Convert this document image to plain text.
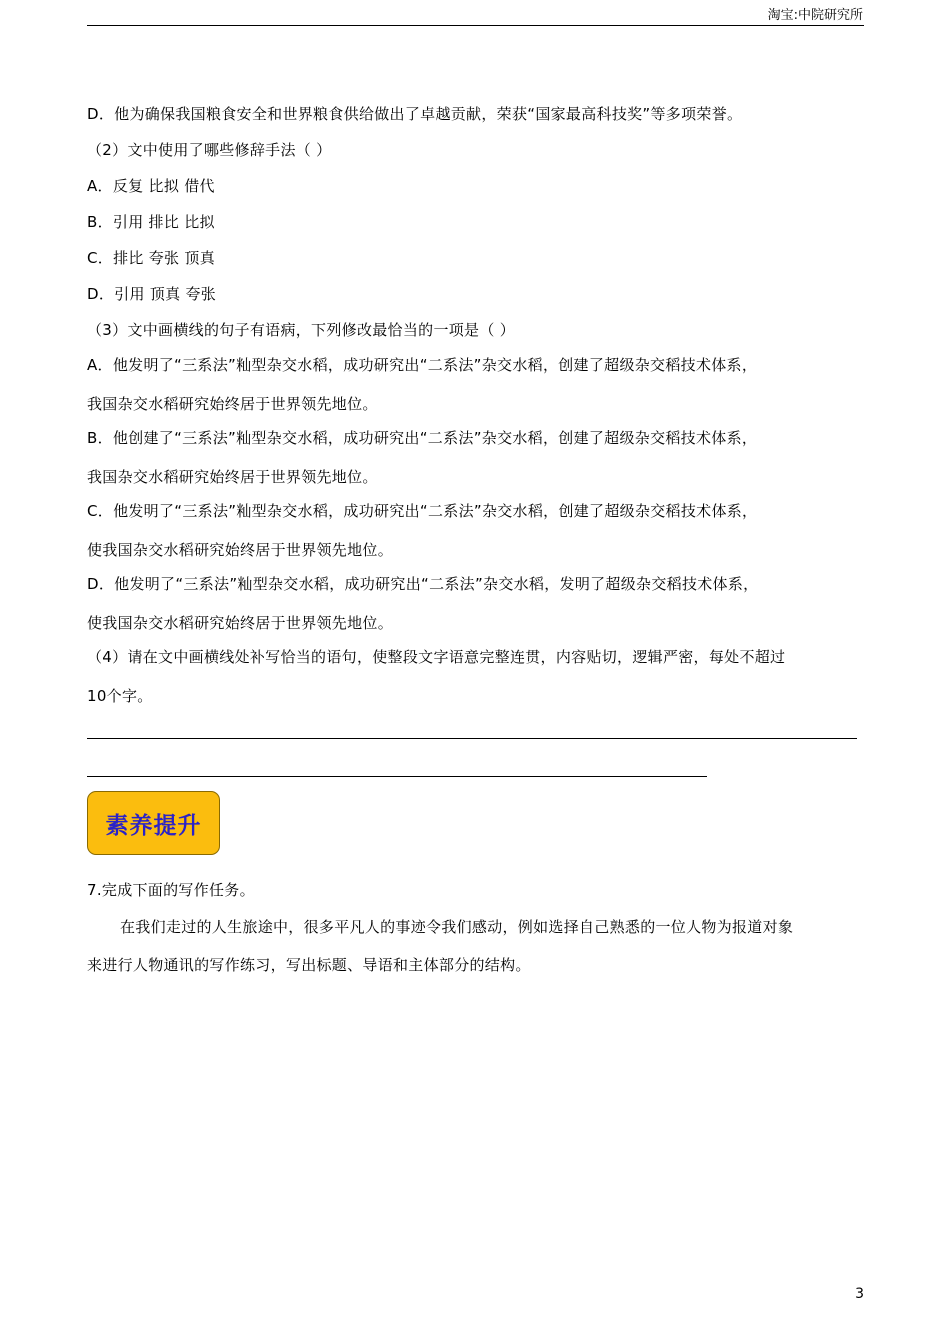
淘宝:中院研究所
D．他为确保我国粮食安全和世界粮食供给做出了卓越贡献，荣获“国家最高科技奖”等多项荣誉。
（2）文中使用了哪些修辞手法（ ）
A．反复 比拟 借代
B．引用 排比 比拟
C．排比 夸张 顶真
D．引用 顶真 夸张
（3）文中画横线的句子有语病，下列修改最恰当的一项是（ ）
A．他发明了“三系法”籼型杂交水稻，成功研究出“二系法”杂交水稻，创建了超级杂交稻技术体系，
我国杂交水稻研究始终居于世界领先地位。
B．他创建了“三系法”籼型杂交水稻，成功研究出“二系法”杂交水稻，创建了超级杂交稻技术体系，
我国杂交水稻研究始终居于世界领先地位。
C．他发明了“三系法”籼型杂交水稻，成功研究出“二系法”杂交水稻，创建了超级杂交稻技术体系，
使我国杂交水稻研究始终居于世界领先地位。
D．他发明了“三系法”籼型杂交水稻，成功研究出“二系法”杂交水稻，发明了超级杂交稻技术体系，
使我国杂交水稻研究始终居于世界领先地位。
（4）请在文中画横线处补写恰当的语句，使整段文字语意完整连贯，内容贴切，逻辑严密，每处不超过
10个字。
素养提升
7.完成下面的写作任务。
在我们走过的人生旅途中，很多平凡人的事迹令我们感动，例如选择自己熟悉的一位人物为报道对象
来进行人物通讯的写作练习，写出标题、导语和主体部分的结构。
3
